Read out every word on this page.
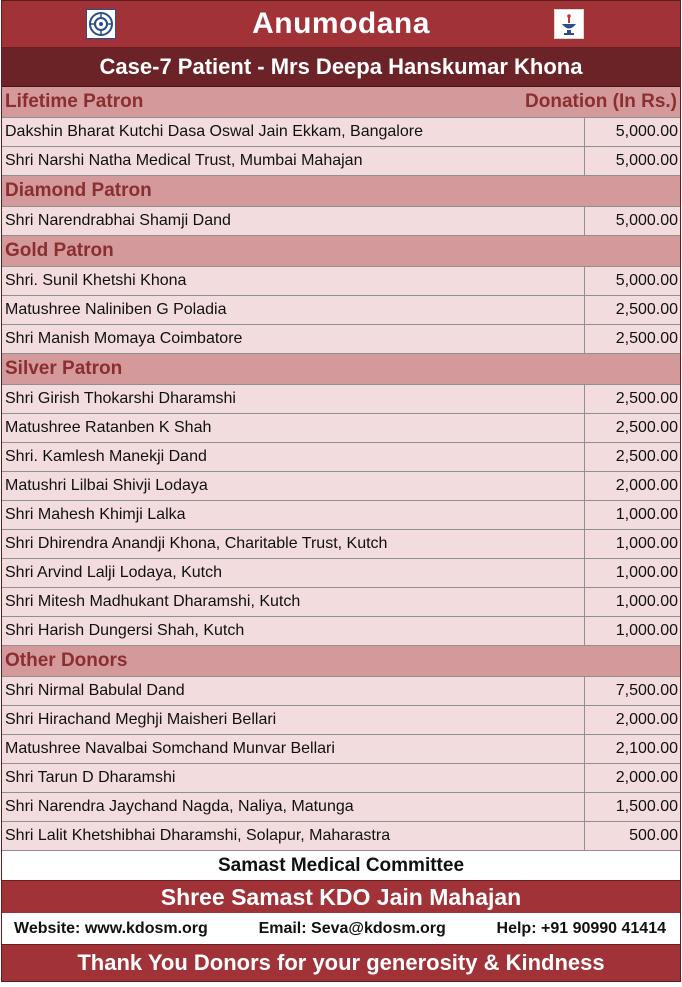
Anumodana
Case-7 Patient - Mrs Deepa Hanskumar Khona
Lifetime Patron	Donation (In Rs.)
Dakshin Bharat Kutchi Dasa Oswal Jain Ekkam, Bangalore	5,000.00
Shri Narshi Natha Medical Trust, Mumbai Mahajan	5,000.00
Diamond Patron
Shri Narendrabhai Shamji Dand	5,000.00
Gold Patron
Shri. Sunil Khetshi Khona	5,000.00
Matushree Naliniben G Poladia	2,500.00
Shri Manish Momaya Coimbatore	2,500.00
Silver Patron
Shri Girish Thokarshi Dharamshi	2,500.00
Matushree Ratanben K Shah	2,500.00
Shri. Kamlesh Manekji Dand	2,500.00
Matushri Lilbai Shivji Lodaya	2,000.00
Shri Mahesh Khimji Lalka	1,000.00
Shri Dhirendra Anandji Khona, Charitable Trust, Kutch	1,000.00
Shri Arvind Lalji Lodaya, Kutch	1,000.00
Shri Mitesh Madhukant Dharamshi, Kutch	1,000.00
Shri Harish Dungersi Shah, Kutch	1,000.00
Other Donors
Shri Nirmal Babulal Dand	7,500.00
Shri Hirachand Meghji Maisheri Bellari	2,000.00
Matushree Navalbai Somchand Munvar Bellari	2,100.00
Shri Tarun D Dharamshi	2,000.00
Shri Narendra Jaychand Nagda, Naliya, Matunga	1,500.00
Shri Lalit Khetshibhai Dharamshi, Solapur, Maharastra	500.00
Samast Medical Committee
Shree Samast KDO Jain Mahajan
Website: www.kdosm.org	Email: Seva@kdosm.org	Help: +91 90990 41414
Thank You Donors for your generosity & Kindness
